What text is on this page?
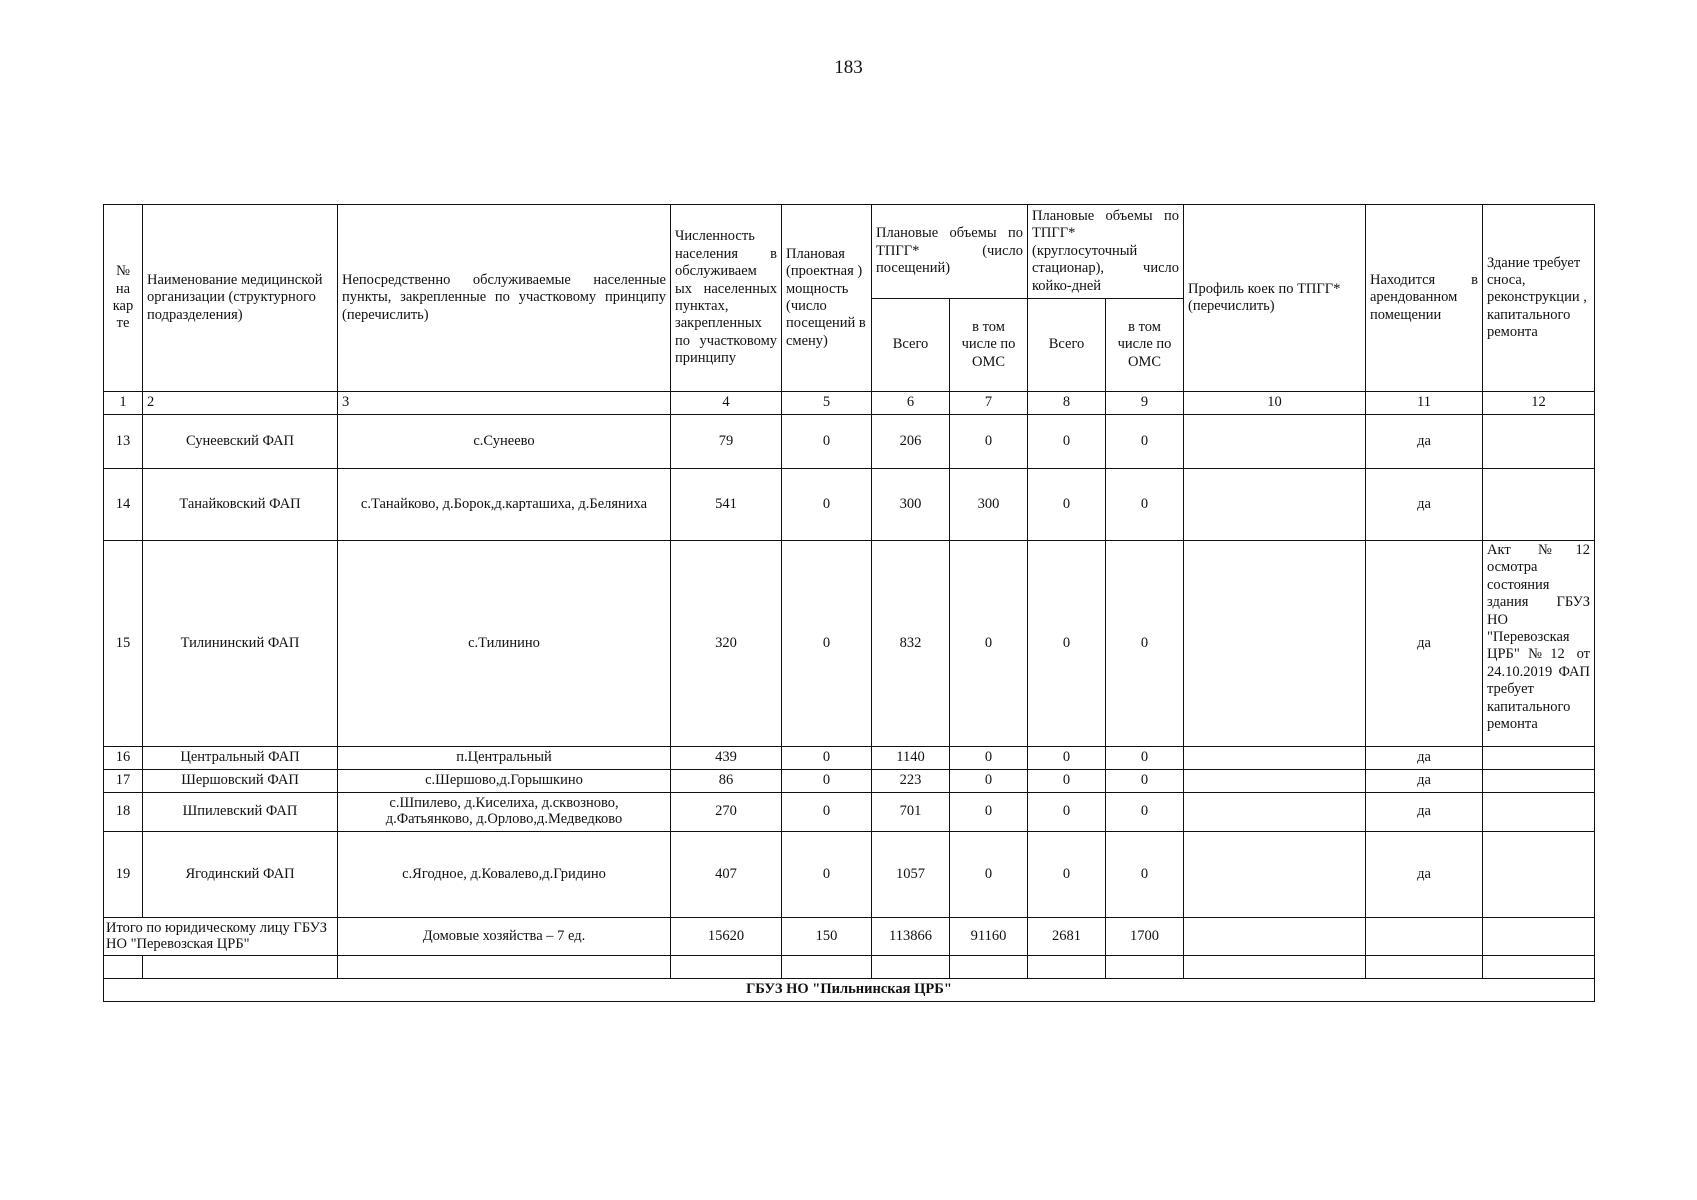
183
№ на кар те	Наименование медицинской организации (структурного подразделения)	Непосредственно обслуживаемые населенные пункты, закрепленные по участковому принципу (перечислить)	Численность населения в обслуживаем ых населенных пунктах, закрепленных по участковому принципу	Плановая (проектная ) мощность (число посещений в смену)	Плановые объемы по ТПГГ* (число посещений)		Плановые объемы по ТПГГ* (круглосуточный стационар), число койко-дней		Профиль коек по ТПГГ* (перечислить)	Находится в арендованном помещении	Здание требует сноса, реконструкции , капитального ремонта
					Всего	в том числе по ОМС	Всего	в том числе по ОМС			
1	2	3	4	5	6	7	8	9	10	11	12
13	Сунеевский ФАП	с.Сунеево	79	0	206	0	0	0		да	
14	Танайковский ФАП	с.Танайково, д.Борок,д.карташиха, д.Беляниха	541	0	300	300	0	0		да	
15	Тилининский ФАП	с.Тилинино	320	0	832	0	0	0		да	Акт №12 осмотра состояния здания ГБУЗ НО "Перевозская ЦРБ"№12 от 24.10.2019 ФАП требует капитального ремонта
16	Центральный ФАП	п.Центральный	439	0	1140	0	0	0		да	
17	Шершовский ФАП	с.Шершово,д.Горышкино	86	0	223	0	0	0		да	
18	Шпилевский ФАП	с.Шпилево, д.Киселиха, д.сквозново, д.Фатьянково, д.Орлово,д.Медведково	270	0	701	0	0	0		да	
19	Ягодинский ФАП	с.Ягодное, д.Ковалево,д.Гридино	407	0	1057	0	0	0		да	
Итого по юридическому лицу ГБУЗ НО "Перевозская ЦРБ"		Домовые хозяйства – 7 ед.	15620	150	113866	91160	2681	1700			

ГБУЗ НО "Пильнинская ЦРБ"											
